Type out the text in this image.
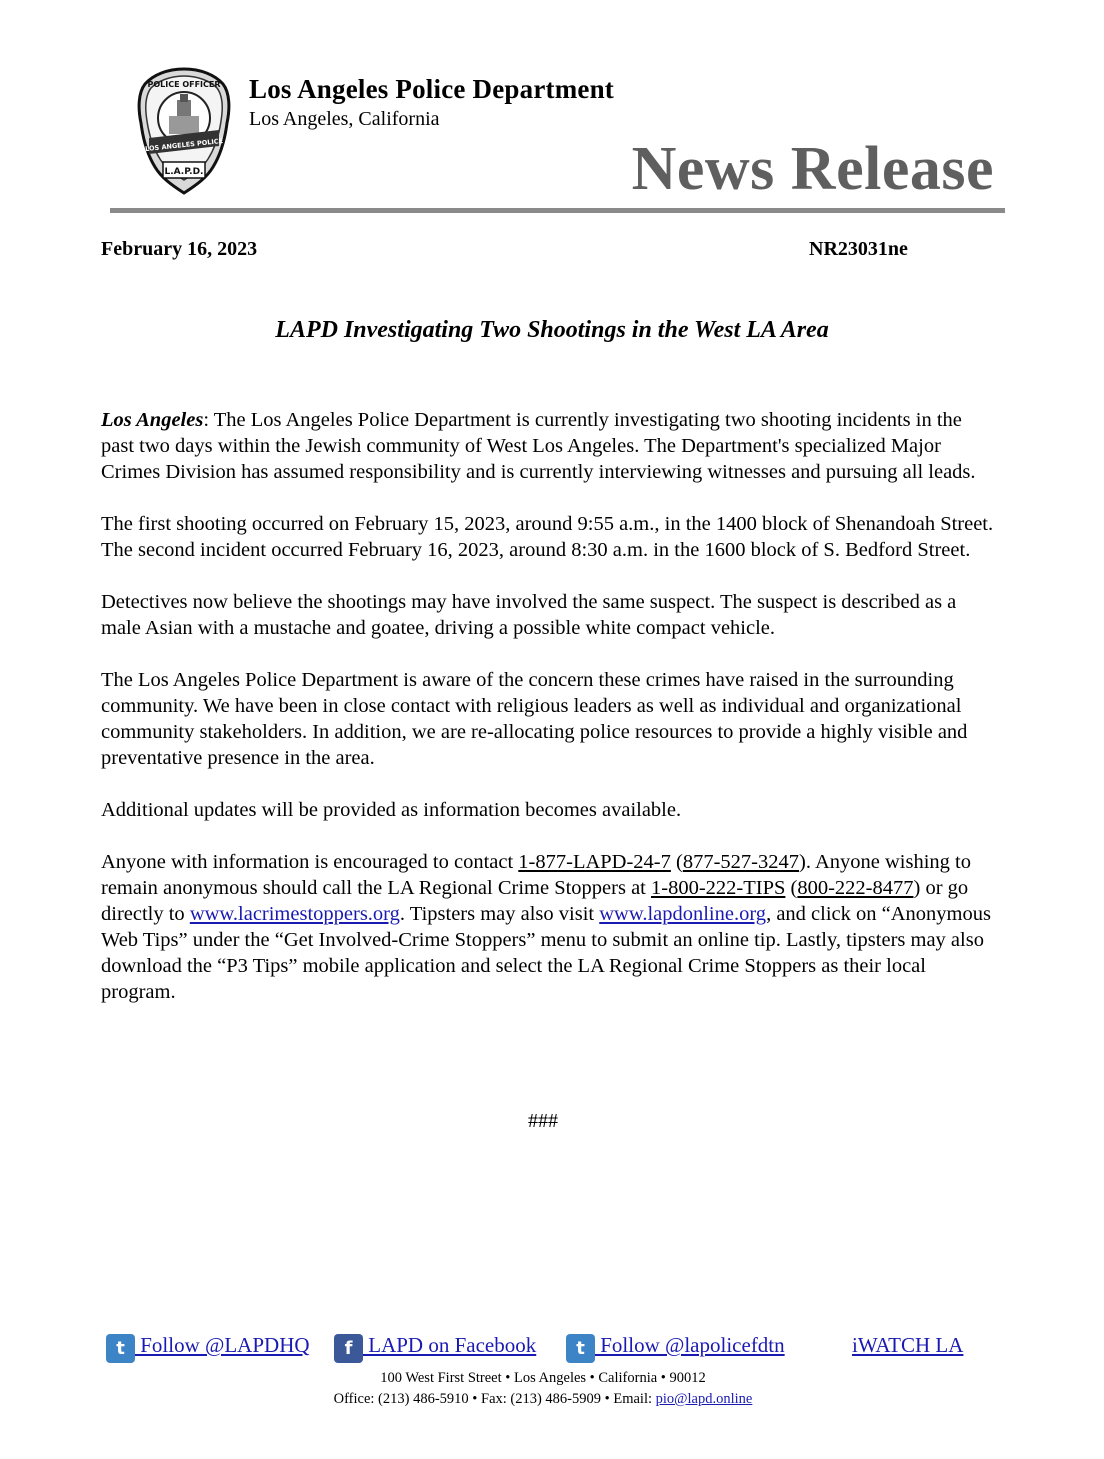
POLICE OFFICER
LOS ANGELES POLICE
L.A.P.D.
Los Angeles Police Department
Los Angeles, California
News Release
February 16, 2023	NR23031ne
LAPD Investigating Two Shootings in the West LA Area

Los Angeles: The Los Angeles Police Department is currently investigating two shooting incidents in the past two days within the Jewish community of West Los Angeles. The Department's specialized Major Crimes Division has assumed responsibility and is currently interviewing witnesses and pursuing all leads.

The first shooting occurred on February 15, 2023, around 9:55 a.m., in the 1400 block of Shenandoah Street. The second incident occurred February 16, 2023, around 8:30 a.m. in the 1600 block of S. Bedford Street.

Detectives now believe the shootings may have involved the same suspect. The suspect is described as a male Asian with a mustache and goatee, driving a possible white compact vehicle.

The Los Angeles Police Department is aware of the concern these crimes have raised in the surrounding community. We have been in close contact with religious leaders as well as individual and organizational community stakeholders. In addition, we are re-allocating police resources to provide a highly visible and preventative presence in the area.

Additional updates will be provided as information becomes available.

Anyone with information is encouraged to contact 1-877-LAPD-24-7 (877-527-3247). Anyone wishing to remain anonymous should call the LA Regional Crime Stoppers at 1-800-222-TIPS (800-222-8477) or go directly to www.lacrimestoppers.org. Tipsters may also visit www.lapdonline.org, and click on “Anonymous Web Tips” under the “Get Involved-Crime Stoppers” menu to submit an online tip. Lastly, tipsters may also download the “P3 Tips” mobile application and select the LA Regional Crime Stoppers as their local program.

###
t Follow @LAPDHQ	f LAPD on Facebook	t Follow @lapolicefdtn	iWATCH LA
100 West First Street • Los Angeles • California • 90012
Office: (213) 486-5910 • Fax: (213) 486-5909 • Email: pio@lapd.online
